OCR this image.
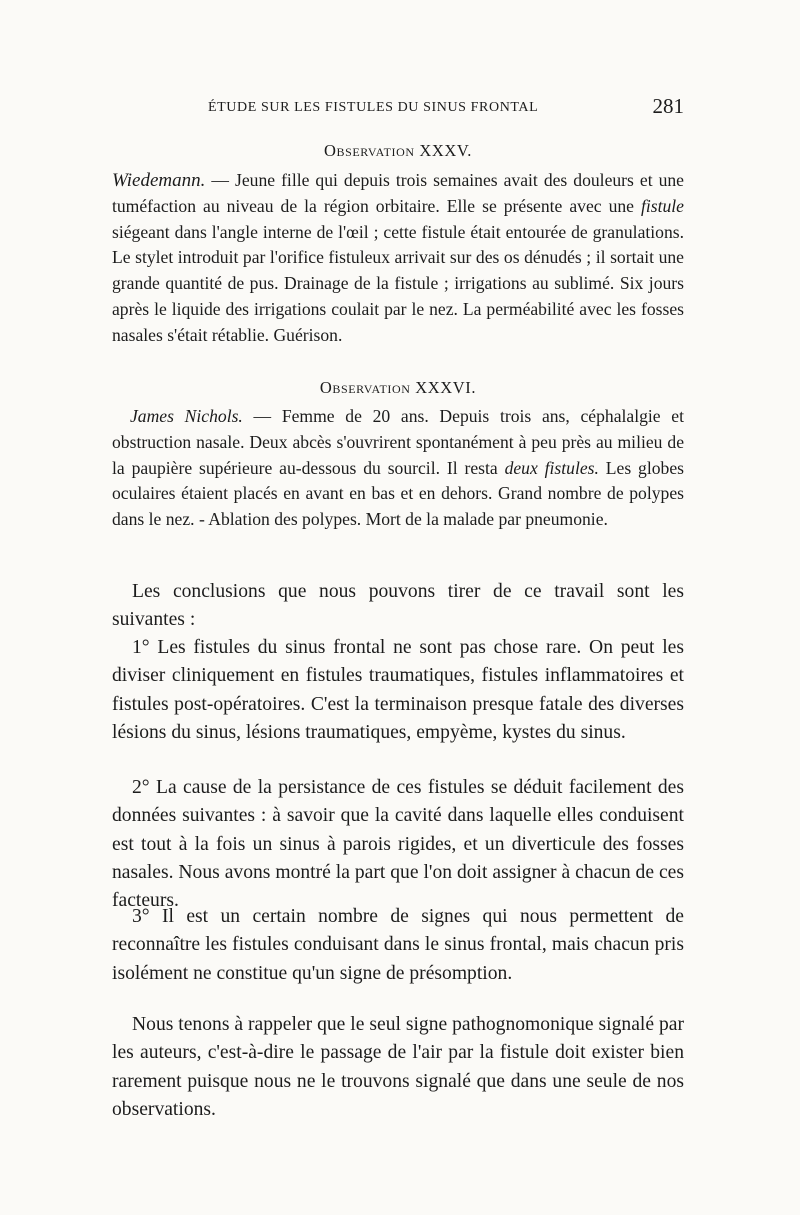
ÉTUDE SUR LES FISTULES DU SINUS FRONTAL	281
Observation XXXV.

Wiedemann. — Jeune fille qui depuis trois semaines avait des douleurs et une tuméfaction au niveau de la région orbitaire. Elle se présente avec une fistule siégeant dans l'angle interne de l'œil ; cette fistule était entourée de granulations. Le stylet introduit par l'orifice fistuleux arrivait sur des os dénudés ; il sortait une grande quantité de pus. Drainage de la fistule ; irrigations au sublimé. Six jours après le liquide des irrigations coulait par le nez. La perméabilité avec les fosses nasales s'était rétablie. Guérison.

Observation XXXVI.

James Nichols. — Femme de 20 ans. Depuis trois ans, céphalalgie et obstruction nasale. Deux abcès s'ouvrirent spontanément à peu près au milieu de la paupière supérieure au-dessous du sourcil. Il resta deux fistules. Les globes oculaires étaient placés en avant en bas et en dehors. Grand nombre de polypes dans le nez. - Ablation des polypes. Mort de la malade par pneumonie.

Les conclusions que nous pouvons tirer de ce travail sont les suivantes :

1° Les fistules du sinus frontal ne sont pas chose rare. On peut les diviser cliniquement en fistules traumatiques, fistules inflammatoires et fistules post-opératoires. C'est la terminaison presque fatale des diverses lésions du sinus, lésions traumatiques, empyème, kystes du sinus.

2° La cause de la persistance de ces fistules se déduit facilement des données suivantes : à savoir que la cavité dans laquelle elles conduisent est tout à la fois un sinus à parois rigides, et un diverticule des fosses nasales. Nous avons montré la part que l'on doit assigner à chacun de ces facteurs.

3° Il est un certain nombre de signes qui nous permettent de reconnaître les fistules conduisant dans le sinus frontal, mais chacun pris isolément ne constitue qu'un signe de présomption.

Nous tenons à rappeler que le seul signe pathognomonique signalé par les auteurs, c'est-à-dire le passage de l'air par la fistule doit exister bien rarement puisque nous ne le trouvons signalé que dans une seule de nos observations.
